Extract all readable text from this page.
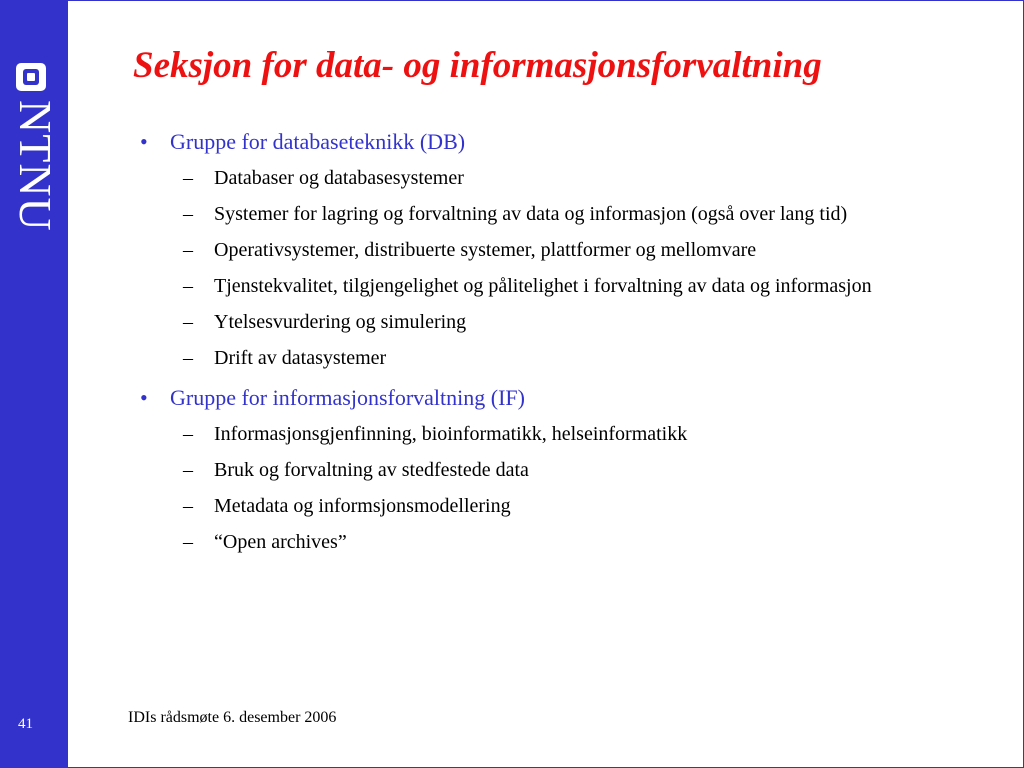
NTNU
41
Seksjon for data- og informasjonsforvaltning
•	Gruppe for databaseteknikk (DB)
– Databaser og databasesystemer
– Systemer for lagring og forvaltning av data og informasjon (også over lang tid)
– Operativsystemer, distribuerte systemer, plattformer og mellomvare
– Tjenstekvalitet, tilgjengelighet og pålitelighet i forvaltning av data og informasjon
– Ytelsesvurdering og simulering
– Drift av datasystemer
•	Gruppe for informasjonsforvaltning (IF)
– Informasjonsgjenfinning, bioinformatikk, helseinformatikk
– Bruk og forvaltning av stedfestede data
– Metadata og informsjonsmodellering
– “Open archives”
IDIs rådsmøte 6. desember 2006
